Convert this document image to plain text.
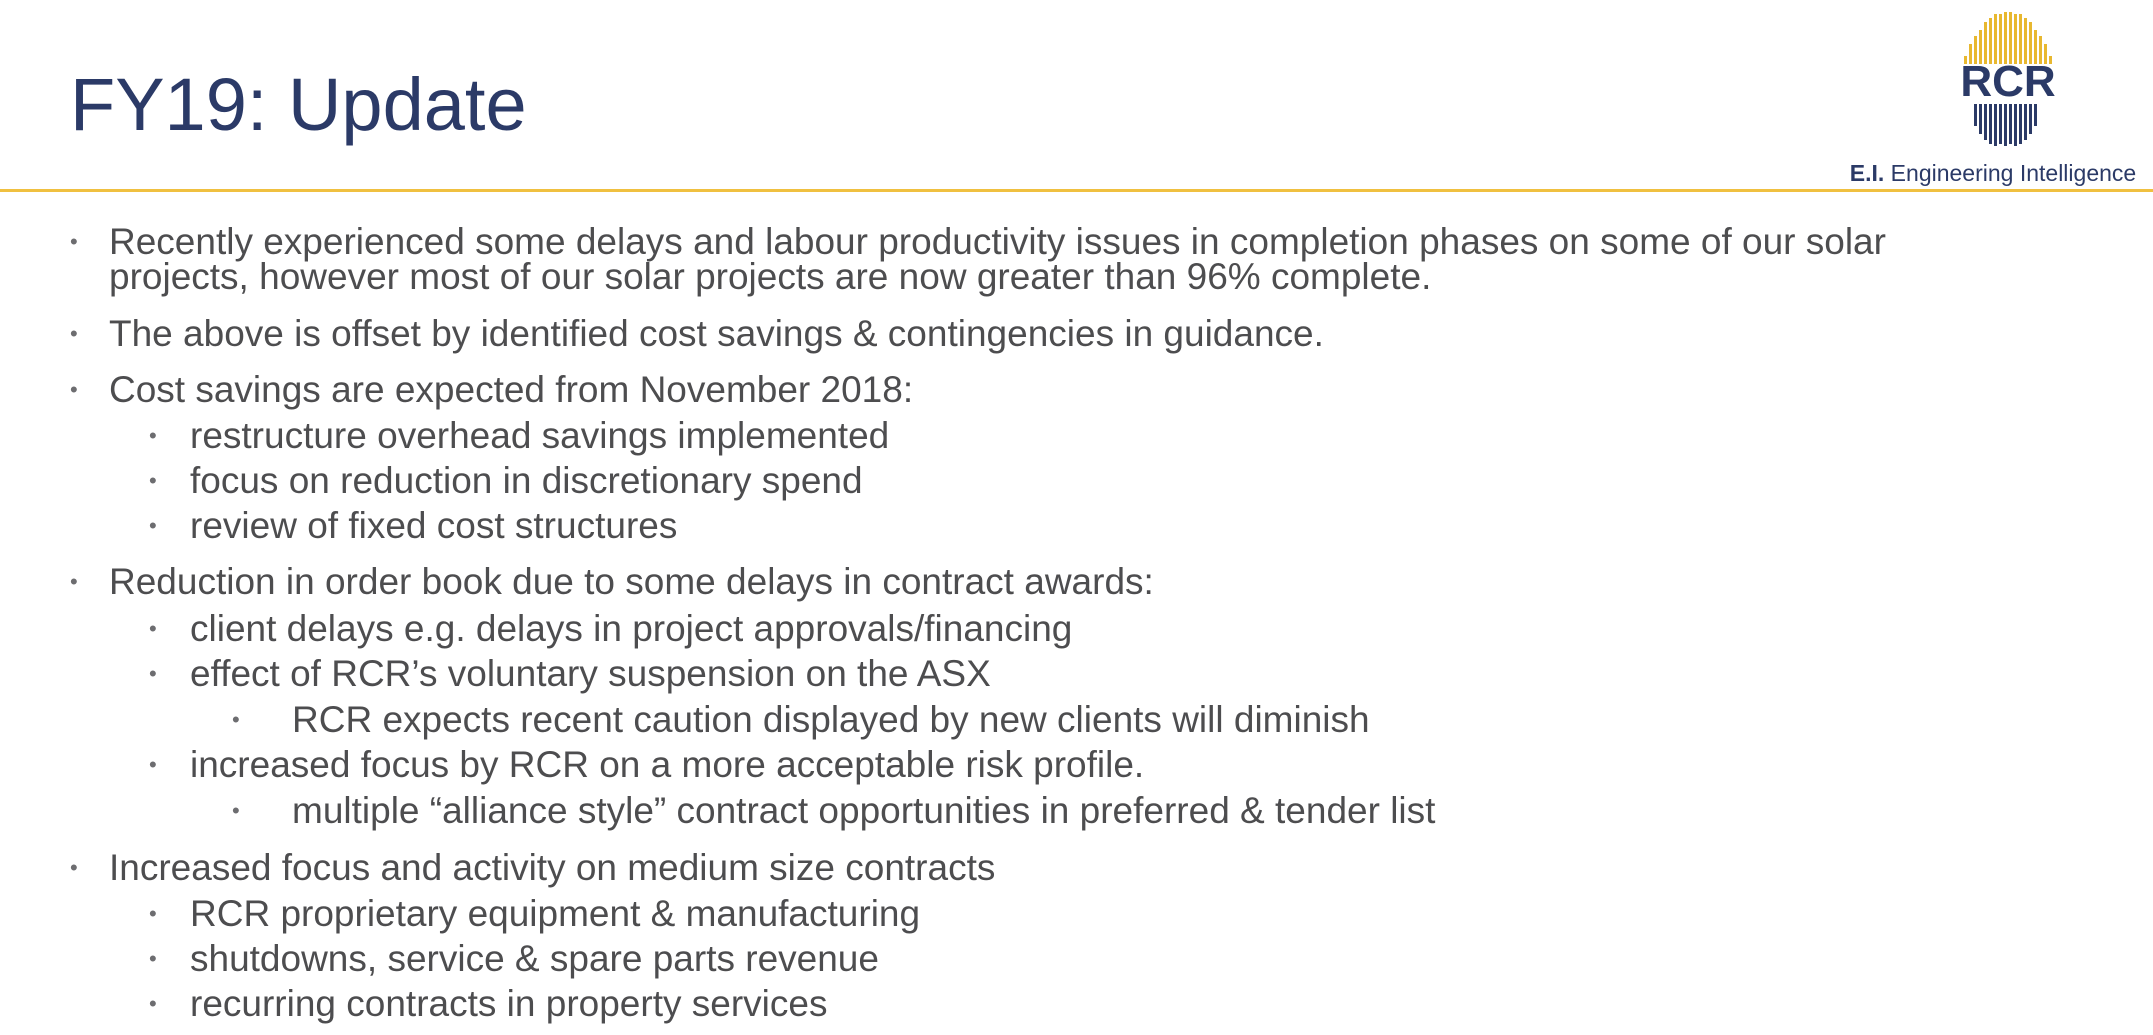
FY19: Update	RCR
E.I. Engineering Intelligence
• Recently experienced some delays and labour productivity issues in completion phases on some of our solar
projects, however most of our solar projects are now greater than 96% complete.
• The above is offset by identified cost savings & contingencies in guidance.
• Cost savings are expected from November 2018:
• restructure overhead savings implemented
• focus on reduction in discretionary spend
• review of fixed cost structures
• Reduction in order book due to some delays in contract awards:
• client delays e.g. delays in project approvals/financing
• effect of RCR’s voluntary suspension on the ASX
• RCR expects recent caution displayed by new clients will diminish
• increased focus by RCR on a more acceptable risk profile.
• multiple “alliance style” contract opportunities in preferred & tender list
• Increased focus and activity on medium size contracts
• RCR proprietary equipment & manufacturing
• shutdowns, service & spare parts revenue
• recurring contracts in property services
